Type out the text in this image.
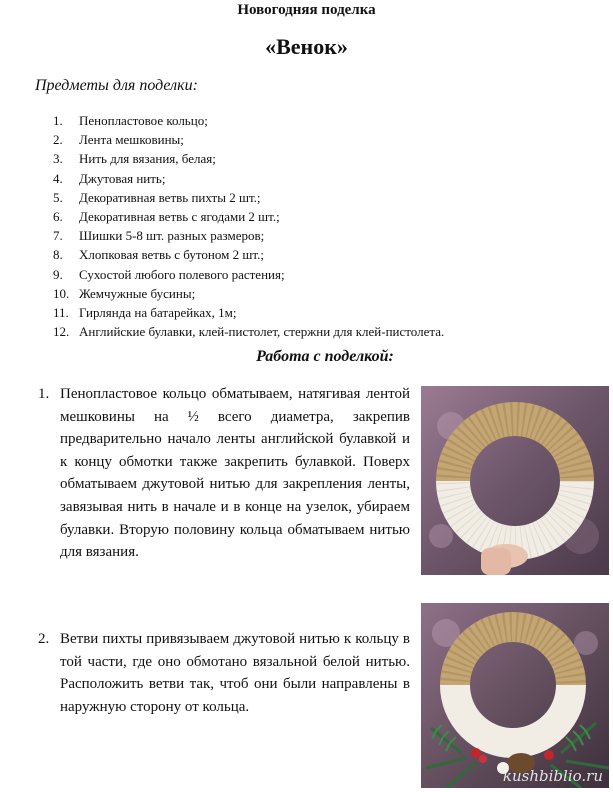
Новогодняя поделка
«Венок»
Предметы для поделки:
1. Пенопластовое кольцо;
2. Лента мешковины;
3. Нить для вязания, белая;
4. Джутовая нить;
5. Декоративная ветвь пихты 2 шт.;
6. Декоративная ветвь с ягодами 2 шт.;
7. Шишки 5-8 шт. разных размеров;
8. Хлопковая ветвь с бутоном 2 шт.;
9. Сухостой любого полевого растения;
10. Жемчужные бусины;
11. Гирлянда на батарейках, 1м;
12. Английские булавки, клей-пистолет, стержни для клей-пистолета.
Работа с поделкой:
1. Пенопластовое кольцо обматываем, натягивая лентой мешковины на ½ всего диаметра, закрепив предварительно начало ленты английской булавкой и к концу обмотки также закрепить булавкой. Поверх обматываем джутовой нитью для закрепления ленты, завязывая нить в начале и в конце на узелок, убираем булавки. Вторую половину кольца обматываем нитью для вязания.
2. Ветви пихты привязываем джутовой нитью к кольцу в той части, где оно обмотано вязальной белой нитью. Расположить ветви так, чтоб они были направлены в наружную сторону от кольца.
kushbiblio.ru
